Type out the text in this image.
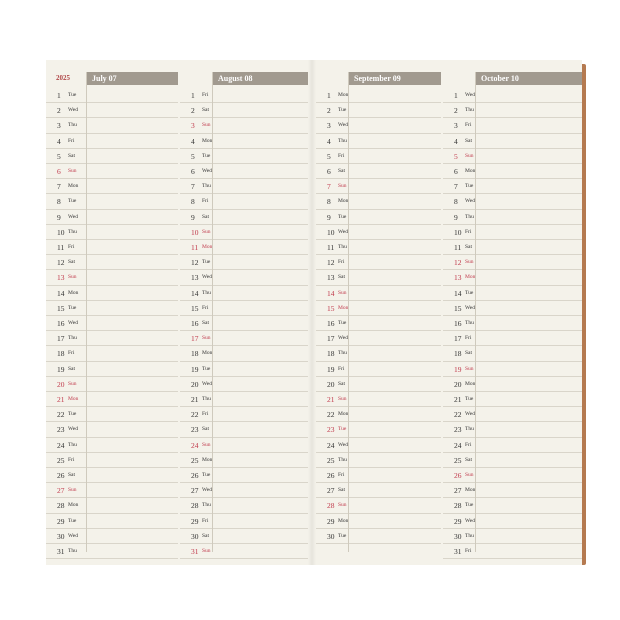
2025	July 07
1 Tue
2 Wed
3 Thu
4 Fri
5 Sat
6 Sun
7 Mon
8 Tue
9 Wed
10 Thu
11 Fri
12 Sat
13 Sun
14 Mon
15 Tue
16 Wed
17 Thu
18 Fri
19 Sat
20 Sun
21 Mon
22 Tue
23 Wed
24 Thu
25 Fri
26 Sat
27 Sun
28 Mon
29 Tue
30 Wed
31 Thu
August 08
1 Fri
2 Sat
3 Sun
4 Mon
5 Tue
6 Wed
7 Thu
8 Fri
9 Sat
10 Sun
11 Mon
12 Tue
13 Wed
14 Thu
15 Fri
16 Sat
17 Sun
18 Mon
19 Tue
20 Wed
21 Thu
22 Fri
23 Sat
24 Sun
25 Mon
26 Tue
27 Wed
28 Thu
29 Fri
30 Sat
31 Sun
September 09
1 Mon
2 Tue
3 Wed
4 Thu
5 Fri
6 Sat
7 Sun
8 Mon
9 Tue
10 Wed
11 Thu
12 Fri
13 Sat
14 Sun
15 Mon
16 Tue
17 Wed
18 Thu
19 Fri
20 Sat
21 Sun
22 Mon
23 Tue
24 Wed
25 Thu
26 Fri
27 Sat
28 Sun
29 Mon
30 Tue
October 10
1 Wed
2 Thu
3 Fri
4 Sat
5 Sun
6 Mon
7 Tue
8 Wed
9 Thu
10 Fri
11 Sat
12 Sun
13 Mon
14 Tue
15 Wed
16 Thu
17 Fri
18 Sat
19 Sun
20 Mon
21 Tue
22 Wed
23 Thu
24 Fri
25 Sat
26 Sun
27 Mon
28 Tue
29 Wed
30 Thu
31 Fri
